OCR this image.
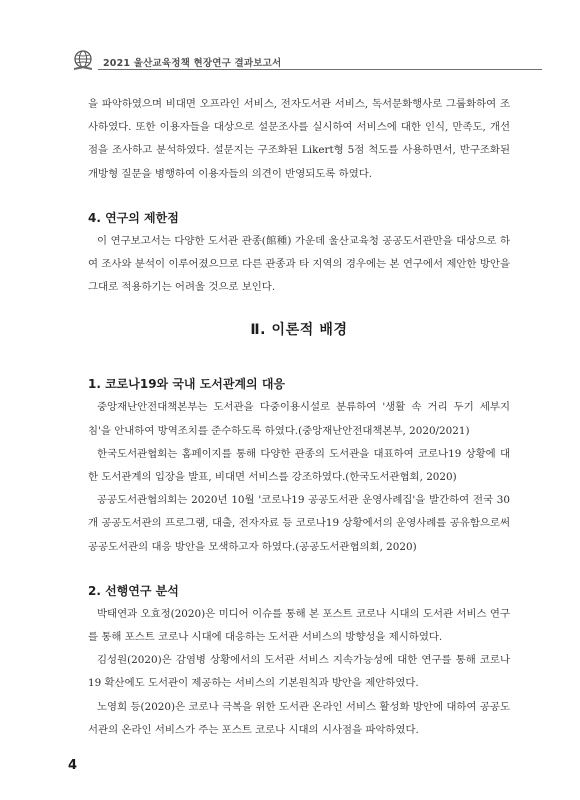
2021 울산교육정책 현장연구 결과보고서

을 파악하였으며 비대면 오프라인 서비스, 전자도서관 서비스, 독서문화행사로 그룹화하여 조사하였다. 또한 이용자들을 대상으로 설문조사를 실시하여 서비스에 대한 인식, 만족도, 개선점을 조사하고 분석하였다. 설문지는 구조화된 Likert형 5점 척도를 사용하면서, 반구조화된 개방형 질문을 병행하여 이용자들의 의견이 반영되도록 하였다.

4. 연구의 제한점

이 연구보고서는 다양한 도서관 관종(館種) 가운데 울산교육청 공공도서관만을 대상으로 하여 조사와 분석이 이루어졌으므로 다른 관종과 타 지역의 경우에는 본 연구에서 제안한 방안을 그대로 적용하기는 어려울 것으로 보인다.

Ⅱ. 이론적 배경
1. 코로나19와 국내 도서관계의 대응

중앙재난안전대책본부는 도서관을 다중이용시설로 분류하여 '생활 속 거리 두기 세부지침'을 안내하여 방역조치를 준수하도록 하였다.(중앙재난안전대책본부, 2020/2021)

한국도서관협회는 홈페이지를 통해 다양한 관종의 도서관을 대표하여 코로나19 상황에 대한 도서관계의 입장을 발표, 비대면 서비스를 강조하였다.(한국도서관협회, 2020)

공공도서관협의회는 2020년 10월 '코로나19 공공도서관 운영사례집'을 발간하여 전국 30개 공공도서관의 프로그램, 대출, 전자자료 등 코로나19 상황에서의 운영사례를 공유함으로써 공공도서관의 대응 방안을 모색하고자 하였다.(공공도서관협의회, 2020)

2. 선행연구 분석

박태연과 오효정(2020)은 미디어 이슈를 통해 본 포스트 코로나 시대의 도서관 서비스 연구를 통해 포스트 코로나 시대에 대응하는 도서관 서비스의 방향성을 제시하였다.

김성원(2020)은 감염병 상황에서의 도서관 서비스 지속가능성에 대한 연구를 통해 코로나19 확산에도 도서관이 제공하는 서비스의 기본원칙과 방안을 제안하였다.

노영희 등(2020)은 코로나 극복을 위한 도서관 온라인 서비스 활성화 방안에 대하여 공공도서관의 온라인 서비스가 주는 포스트 코로나 시대의 시사점을 파악하였다.

4
